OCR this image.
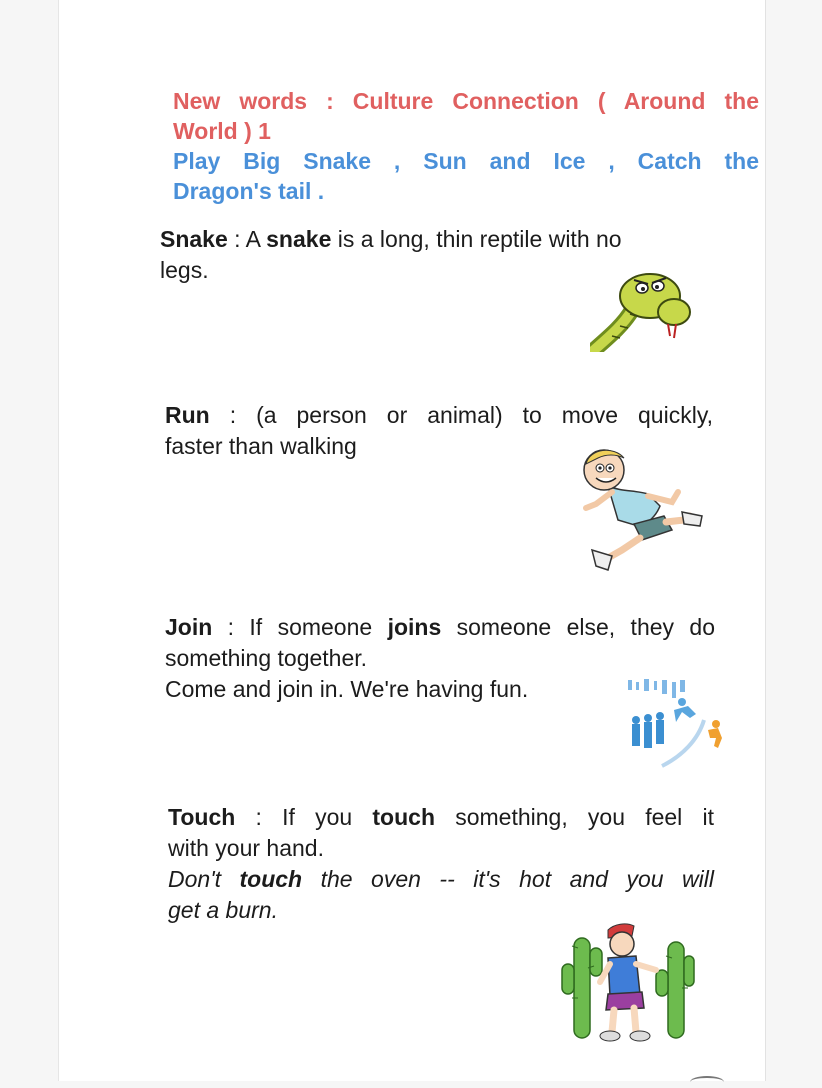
New words : Culture Connection ( Around the
World ) 1
Play Big Snake , Sun and Ice , Catch the
Dragon's tail .
Snake : A snake is a long, thin reptile with no
legs.
Run : (a person or animal) to move quickly,
faster than walking
Join : If someone joins someone else, they do
something together.
Come and join in. We're having fun.
Touch : If you touch something, you feel it
with your hand.
Don't touch the oven -- it's hot and you will
get a burn.
